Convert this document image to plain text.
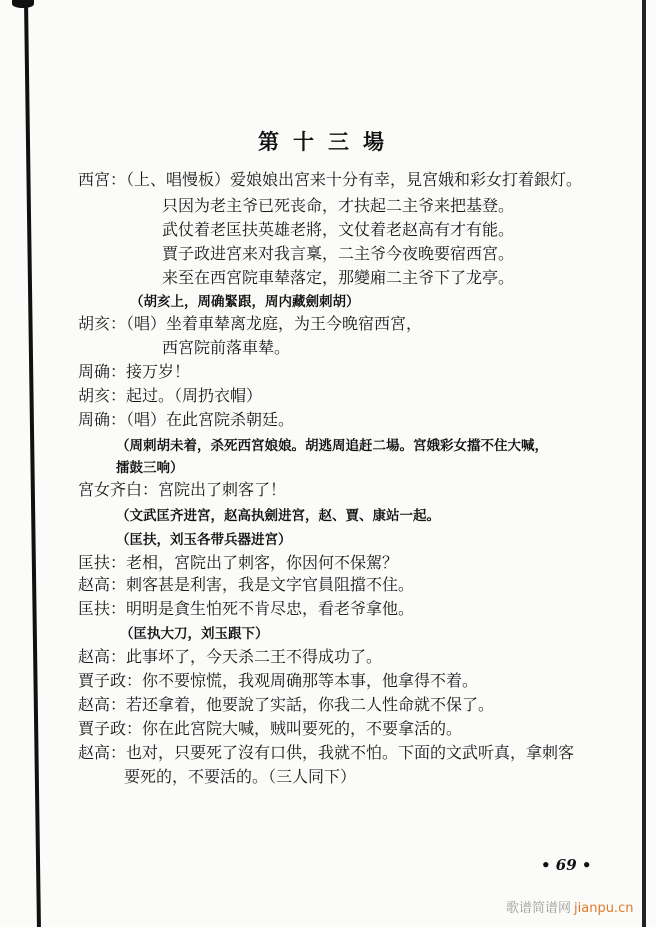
第十三場
西宮：（上、唱慢板）爱娘娘出宮来十分有幸，見宮娥和彩女打着銀灯。
只因为老主爷已死丧命，才扶起二主爷来把基登。
武仗着老匡扶英雄老將，文仗着老赵高有才有能。
賈子政进宮来对我言稟，二主爷今夜晚要宿西宮。
来至在西宮院車辇落定，那變廂二主爷下了龙亭。
（胡亥上，周确緊跟，周内藏劍刺胡）
胡亥：（唱）坐着車辇离龙庭，为王今晚宿西宮，
西宮院前落車辇。
周确：接万岁！
胡亥：起过。（周扔衣帽）
周确：（唱）在此宮院杀朝廷。
（周刺胡未着，杀死西宮娘娘。胡逃周追赶二場。宮娥彩女擋不住大喊，
擂鼓三响）
宮女齐白：宮院出了刺客了！
（文武匡齐进宮，赵高执劍进宮，赵、賈、康站一起。
（匡扶，刘玉各带兵器进宮）
匡扶：老相，宮院出了刺客，你因何不保駕？
赵高：刺客甚是利害，我是文字官員阻擋不住。
匡扶：明明是貪生怕死不肯尽忠，看老爷拿他。
（匡执大刀，刘玉跟下）
赵高：此事坏了，今天杀二王不得成功了。
賈子政：你不要惊慌，我观周确那等本事，他拿得不着。
赵高：若还拿着，他要說了实話，你我二人性命就不保了。
賈子政：你在此宮院大喊，贼叫要死的，不要拿活的。
赵高：也对，只要死了沒有口供，我就不怕。下面的文武听真，拿刺客
要死的，不要活的。（三人同下）
• 69 •
歌谱简谱网 jianpu.cn
